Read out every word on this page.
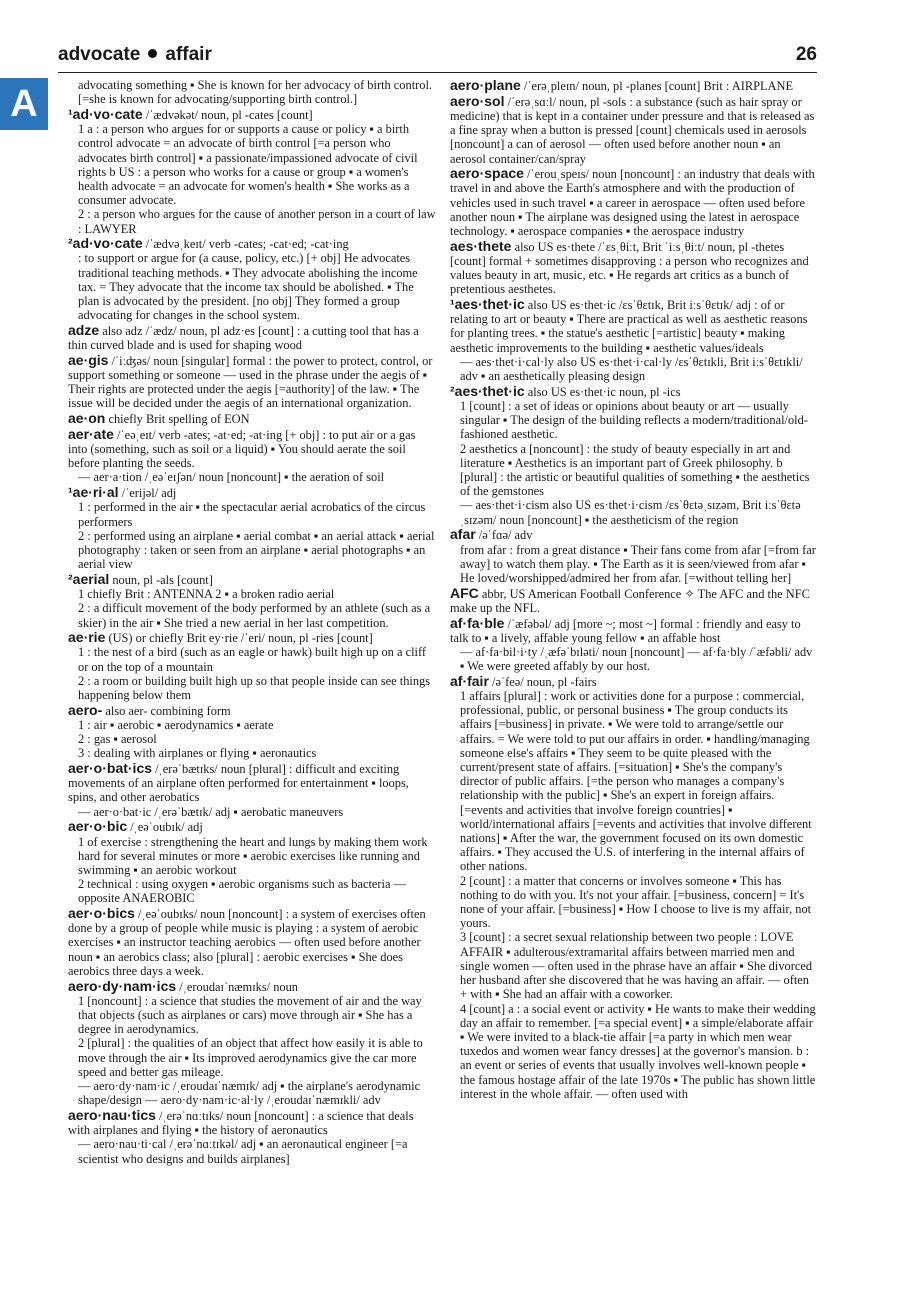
advocate affair	26
A	advocating something ▪ She is known for her advocacy of birth control. [=she is known for advocating/supporting birth control.]
¹ad·vo·cate /ˈædvəkət/ noun, pl -cates [count]
1 a : a person who argues for or supports a cause or policy ▪ a birth control advocate = an advocate of birth control [=a person who advocates birth control] ▪ a passionate/impassioned advocate of civil rights b US : a person who works for a cause or group ▪ a women's health advocate = an advocate for women's health ▪ She works as a consumer advocate.
2 : a person who argues for the cause of another person in a court of law : LAWYER
²ad·vo·cate /ˈædvəˌkeɪt/ verb -cates; -cat·ed; -cat·ing
: to support or argue for (a cause, policy, etc.) [+ obj] He advocates traditional teaching methods. ▪ They advocate abolishing the income tax. = They advocate that the income tax should be abolished. ▪ The plan is advocated by the president. [no obj] They formed a group advocating for changes in the school system.
adze also adz /ˈædz/ noun, pl adz·es [count] : a cutting tool that has a thin curved blade and is used for shaping wood
ae·gis /ˈiːʤəs/ noun [singular] formal : the power to protect, control, or support something or someone — used in the phrase under the aegis of ▪ Their rights are protected under the aegis [=authority] of the law. ▪ The issue will be decided under the aegis of an international organization.
ae·on chiefly Brit spelling of EON
aer·ate /ˈeəˌeɪt/ verb -ates; -at·ed; -at·ing [+ obj] : to put air or a gas into (something, such as soil or a liquid) ▪ You should aerate the soil before planting the seeds.
— aer·a·tion /ˌeəˈeɪʃən/ noun [noncount] ▪ the aeration of soil
¹ae·ri·al /ˈerijəl/ adj
1 : performed in the air ▪ the spectacular aerial acrobatics of the circus performers
2 : performed using an airplane ▪ aerial combat ▪ an aerial attack ▪ aerial photography : taken or seen from an airplane ▪ aerial photographs ▪ an aerial view
²aerial noun, pl -als [count]
1 chiefly Brit : ANTENNA 2 ▪ a broken radio aerial
2 : a difficult movement of the body performed by an athlete (such as a skier) in the air ▪ She tried a new aerial in her last competition.
ae·rie (US) or chiefly Brit ey·rie /ˈeri/ noun, pl -ries [count]
1 : the nest of a bird (such as an eagle or hawk) built high up on a cliff or on the top of a mountain
2 : a room or building built high up so that people inside can see things happening below them
aero- also aer- combining form
1 : air ▪ aerobic ▪ aerodynamics ▪ aerate
2 : gas ▪ aerosol
3 : dealing with airplanes or flying ▪ aeronautics
aer·o·bat·ics /ˌerəˈbætɪks/ noun [plural] : difficult and exciting movements of an airplane often performed for entertainment ▪ loops, spins, and other aerobatics
— aer·o·bat·ic /ˌerəˈbætɪk/ adj ▪ aerobatic maneuvers
aer·o·bic /ˌeəˈoubɪk/ adj
1 of exercise : strengthening the heart and lungs by making them work hard for several minutes or more ▪ aerobic exercises like running and swimming ▪ an aerobic workout
2 technical : using oxygen ▪ aerobic organisms such as bacteria — opposite ANAEROBIC
aer·o·bics /ˌeəˈoubɪks/ noun [noncount] : a system of exercises often done by a group of people while music is playing : a system of aerobic exercises ▪ an instructor teaching aerobics — often used before another noun ▪ an aerobics class; also [plural] : aerobic exercises ▪ She does aerobics three days a week.
aero·dy·nam·ics /ˌeroudaɪˈnæmɪks/ noun
1 [noncount] : a science that studies the movement of air and the way that objects (such as airplanes or cars) move through air ▪ She has a degree in aerodynamics.
2 [plural] : the qualities of an object that affect how easily it is able to move through the air ▪ Its improved aerodynamics give the car more speed and better gas mileage.
— aero·dy·nam·ic /ˌeroudaɪˈnæmɪk/ adj ▪ the airplane's aerodynamic shape/design — aero·dy·nam·ic·al·ly /ˌeroudaɪˈnæmɪkli/ adv
aero·nau·tics /ˌerəˈnɑːtɪks/ noun [noncount] : a science that deals with airplanes and flying ▪ the history of aeronautics
— aero·nau·ti·cal /ˌerəˈnɑːtɪkəl/ adj ▪ an aeronautical engineer [=a scientist who designs and builds airplanes]
aero·plane /ˈerəˌpleɪn/ noun, pl -planes [count] Brit : AIRPLANE
aero·sol /ˈerəˌsɑːl/ noun, pl -sols : a substance (such as hair spray or medicine) that is kept in a container under pressure and that is released as a fine spray when a button is pressed [count] chemicals used in aerosols [noncount] a can of aerosol — often used before another noun ▪ an aerosol container/can/spray
aero·space /ˈerouˌspeɪs/ noun [noncount] : an industry that deals with travel in and above the Earth's atmosphere and with the production of vehicles used in such travel ▪ a career in aerospace — often used before another noun ▪ The airplane was designed using the latest in aerospace technology. ▪ aerospace companies ▪ the aerospace industry
aes·thete also US es·thete /ˈɛsˌθiːt, Brit ˈiːsˌθiːt/ noun, pl -thetes [count] formal + sometimes disapproving : a person who recognizes and values beauty in art, music, etc. ▪ He regards art critics as a bunch of pretentious aesthetes.
¹aes·thet·ic also US es·thet·ic /ɛsˈθɛtɪk, Brit iːsˈθɛtɪk/ adj : of or relating to art or beauty ▪ There are practical as well as aesthetic reasons for planting trees. ▪ the statue's aesthetic [=artistic] beauty ▪ making aesthetic improvements to the building ▪ aesthetic values/ideals
— aes·thet·i·cal·ly also US es·thet·i·cal·ly /ɛsˈθɛtɪkli, Brit iːsˈθɛtɪkli/ adv ▪ an aesthetically pleasing design
²aes·thet·ic also US es·thet·ic noun, pl -ics
1 [count] : a set of ideas or opinions about beauty or art — usually singular ▪ The design of the building reflects a modern/traditional/old-fashioned aesthetic.
2 aesthetics a [noncount] : the study of beauty especially in art and literature ▪ Aesthetics is an important part of Greek philosophy. b [plural] : the artistic or beautiful qualities of something ▪ the aesthetics of the gemstones
— aes·thet·i·cism also US es·thet·i·cism /ɛsˈθɛtəˌsɪzəm, Brit iːsˈθɛtəˌsɪzəm/ noun [noncount] ▪ the aestheticism of the region
afar /əˈfɑə/ adv
from afar : from a great distance ▪ Their fans come from afar [=from far away] to watch them play. ▪ The Earth as it is seen/viewed from afar ▪ He loved/worshipped/admired her from afar. [=without telling her]
AFC abbr, US American Football Conference ✧ The AFC and the NFC make up the NFL.
af·fa·ble /ˈæfəbəl/ adj [more ~; most ~] formal : friendly and easy to talk to ▪ a lively, affable young fellow ▪ an affable host
— af·fa·bil·i·ty /ˌæfəˈbɪləti/ noun [noncount] — af·fa·bly /ˈæfəbli/ adv ▪ We were greeted affably by our host.
af·fair /əˈfeə/ noun, pl -fairs
1 affairs [plural] : work or activities done for a purpose : commercial, professional, public, or personal business ▪ The group conducts its affairs [=business] in private. ▪ We were told to arrange/settle our affairs. = We were told to put our affairs in order. ▪ handling/managing someone else's affairs ▪ They seem to be quite pleased with the current/present state of affairs. [=situation] ▪ She's the company's director of public affairs. [=the person who manages a company's relationship with the public] ▪ She's an expert in foreign affairs. [=events and activities that involve foreign countries] ▪ world/international affairs [=events and activities that involve different nations] ▪ After the war, the government focused on its own domestic affairs. ▪ They accused the U.S. of interfering in the internal affairs of other nations.
2 [count] : a matter that concerns or involves someone ▪ This has nothing to do with you. It's not your affair. [=business, concern] = It's none of your affair. [=business] ▪ How I choose to live is my affair, not yours.
3 [count] : a secret sexual relationship between two people : LOVE AFFAIR ▪ adulterous/extramarital affairs between married men and single women — often used in the phrase have an affair ▪ She divorced her husband after she discovered that he was having an affair. — often + with ▪ She had an affair with a coworker.
4 [count] a : a social event or activity ▪ He wants to make their wedding day an affair to remember. [=a special event] ▪ a simple/elaborate affair ▪ We were invited to a black-tie affair [=a party in which men wear tuxedos and women wear fancy dresses] at the governor's mansion. b : an event or series of events that usually involves well-known people ▪ the famous hostage affair of the late 1970s ▪ The public has shown little interest in the whole affair. — often used with
